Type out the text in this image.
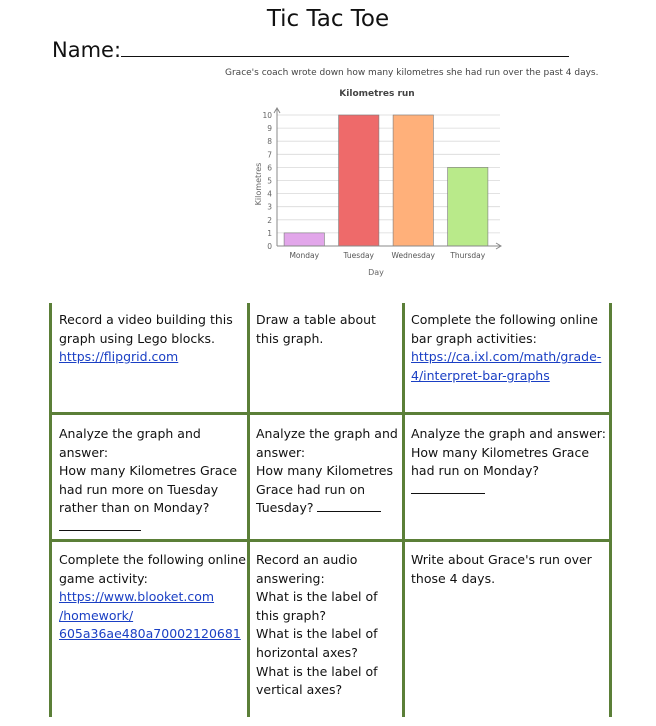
Tic Tac Toe
Name:
Grace's coach wrote down how many kilometres she had run over the past 4 days.
Kilometres run
0
1
2
3
4
5
6
7
8
9
10
Monday	Tuesday Wednesday Thursday
Day
Kilometres
Record a video building this
graph using Lego blocks.
https://flipgrid.com
Draw a table about
this graph.
Complete the following online
bar graph activities:
https://ca.ixl.com/math/grade-
4/interpret-bar-graphs
Analyze the graph and
answer:
How many Kilometres Grace
had run more on Tuesday
rather than on Monday?
Analyze the graph and
answer:
How many Kilometres
Grace had run on
Tuesday?
Analyze the graph and answer:
How many Kilometres Grace
had run on Monday?
Complete the following online
game activity:
https://www.blooket.com
/homework/
605a36ae480a70002120681
Record an audio
answering:
What is the label of
this graph?
What is the label of
horizontal axes?
What is the label of
vertical axes?
Write about Grace's run over
those 4 days.
